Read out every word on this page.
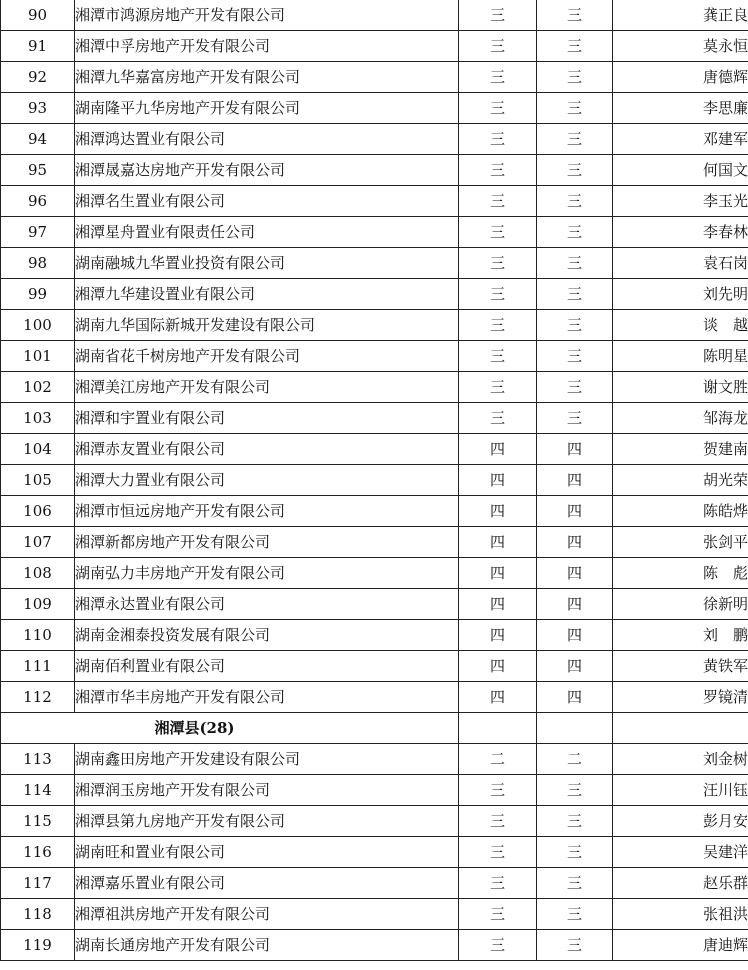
90	湘潭市鸿源房地产开发有限公司	三	三	龚正良
91	湘潭中孚房地产开发有限公司	三	三	莫永恒
92	湘潭九华嘉富房地产开发有限公司	三	三	唐德辉
93	湖南隆平九华房地产开发有限公司	三	三	李思廉
94	湘潭鸿达置业有限公司	三	三	邓建军
95	湘潭晟嘉达房地产开发有限公司	三	三	何国文
96	湘潭名生置业有限公司	三	三	李玉光
97	湘潭星舟置业有限责任公司	三	三	李春林
98	湖南融城九华置业投资有限公司	三	三	袁石岗
99	湘潭九华建设置业有限公司	三	三	刘先明
100	湖南九华国际新城开发建设有限公司	三	三	谈　越
101	湖南省花千树房地产开发有限公司	三	三	陈明星
102	湘潭美江房地产开发有限公司	三	三	谢文胜
103	湘潭和宇置业有限公司	三	三	邹海龙
104	湘潭赤友置业有限公司	四	四	贺建南
105	湘潭大力置业有限公司	四	四	胡光荣
106	湘潭市恒远房地产开发有限公司	四	四	陈皓烨
107	湘潭新都房地产开发有限公司	四	四	张剑平
108	湖南弘力丰房地产开发有限公司	四	四	陈　彪
109	湘潭永达置业有限公司	四	四	徐新明
110	湖南金湘泰投资发展有限公司	四	四	刘　鹏
111	湖南佰利置业有限公司	四	四	黄铁军
112	湘潭市华丰房地产开发有限公司	四	四	罗镜清
湘潭县(28)				
113	湖南鑫田房地产开发建设有限公司	二	二	刘金树
114	湘潭润玉房地产开发有限公司	三	三	汪川钰
115	湘潭县第九房地产开发有限公司	三	三	彭月安
116	湖南旺和置业有限公司	三	三	吴建洋
117	湘潭嘉乐置业有限公司	三	三	赵乐群
118	湘潭祖洪房地产开发有限公司	三	三	张祖洪
119	湖南长通房地产开发有限公司	三	三	唐迪辉
